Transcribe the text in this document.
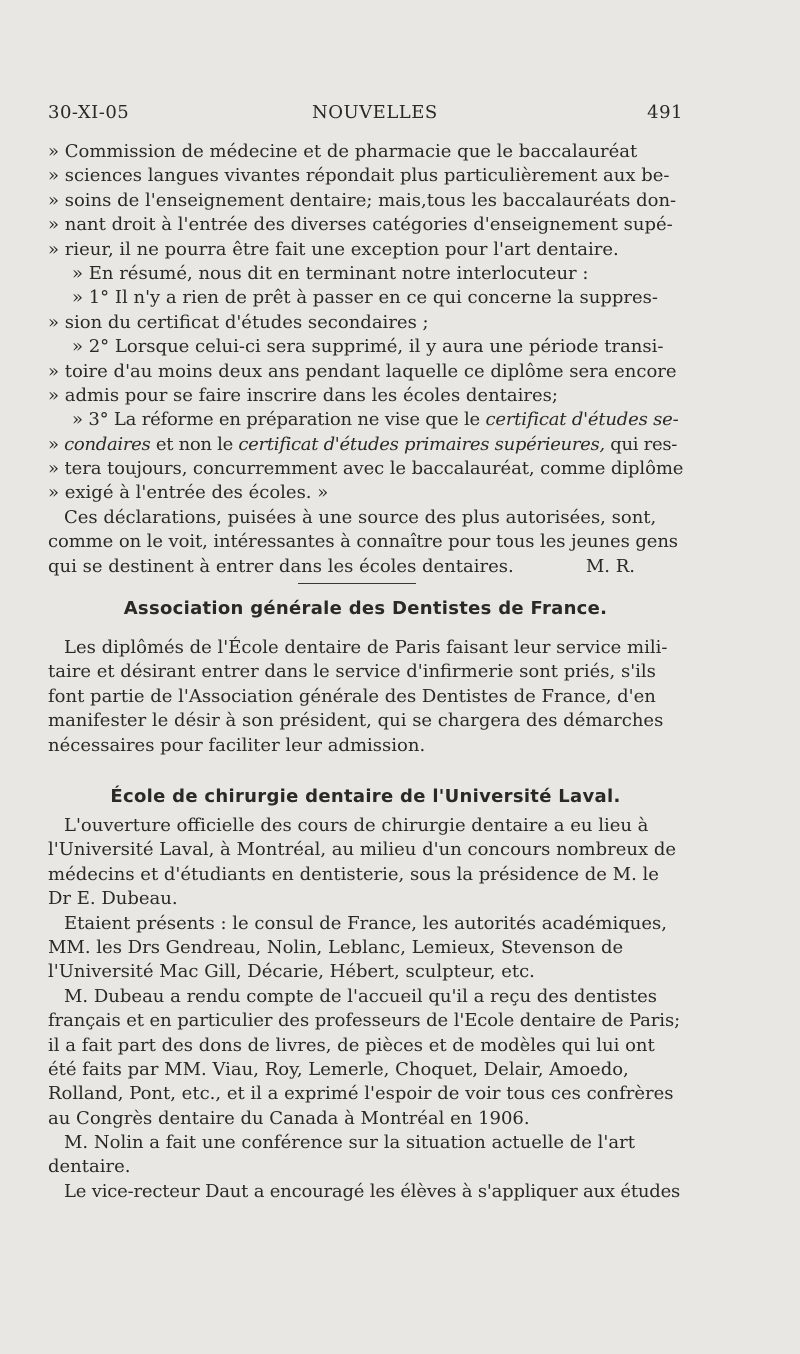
30-XI-05	NOUVELLES	491
» Commission de médecine et de pharmacie que le baccalauréat
» sciences langues vivantes répondait plus particulièrement aux be-
» soins de l'enseignement dentaire; mais,tous les baccalauréats don-
» nant droit à l'entrée des diverses catégories d'enseignement supé-
» rieur, il ne pourra être fait une exception pour l'art dentaire.
» En résumé, nous dit en terminant notre interlocuteur :
» 1° Il n'y a rien de prêt à passer en ce qui concerne la suppres-
» sion du certificat d'études secondaires ;
» 2° Lorsque celui-ci sera supprimé, il y aura une période transi-
» toire d'au moins deux ans pendant laquelle ce diplôme sera encore
» admis pour se faire inscrire dans les écoles dentaires;
» 3° La réforme en préparation ne vise que le certificat d'études se-
» condaires et non le certificat d'études primaires supérieures, qui res-
» tera toujours, concurremment avec le baccalauréat, comme diplôme
» exigé à l'entrée des écoles. »
Ces déclarations, puisées à une source des plus autorisées, sont,
comme on le voit, intéressantes à connaître pour tous les jeunes gens
qui se destinent à entrer dans les écoles dentaires.	M. R.
Association générale des Dentistes de France.
Les diplômés de l'École dentaire de Paris faisant leur service mili-
taire et désirant entrer dans le service d'infirmerie sont priés, s'ils
font partie de l'Association générale des Dentistes de France, d'en
manifester le désir à son président, qui se chargera des démarches
nécessaires pour faciliter leur admission.
École de chirurgie dentaire de l'Université Laval.
L'ouverture officielle des cours de chirurgie dentaire a eu lieu à
l'Université Laval, à Montréal, au milieu d'un concours nombreux de
médecins et d'étudiants en dentisterie, sous la présidence de M. le
Dr E. Dubeau.
Etaient présents : le consul de France, les autorités académiques,
MM. les Drs Gendreau, Nolin, Leblanc, Lemieux, Stevenson de
l'Université Mac Gill, Décarie, Hébert, sculpteur, etc.
M. Dubeau a rendu compte de l'accueil qu'il a reçu des dentistes
français et en particulier des professeurs de l'Ecole dentaire de Paris;
il a fait part des dons de livres, de pièces et de modèles qui lui ont
été faits par MM. Viau, Roy, Lemerle, Choquet, Delair, Amoedo,
Rolland, Pont, etc., et il a exprimé l'espoir de voir tous ces confrères
au Congrès dentaire du Canada à Montréal en 1906.
M. Nolin a fait une conférence sur la situation actuelle de l'art
dentaire.
Le vice-recteur Daut a encouragé les élèves à s'appliquer aux études
